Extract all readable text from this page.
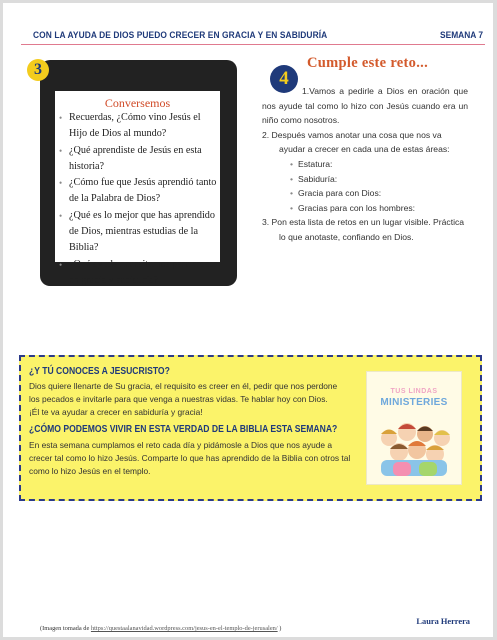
CON LA AYUDA DE DIOS PUEDO CRECER EN GRACIA Y EN SABIDURÍA	SEMANA 7
Conversemos
• Recuerdas, ¿Cómo vino Jesús el Hijo de Dios al mundo?
• ¿Qué aprendiste de Jesús en esta historia?
• ¿Cómo fue que Jesús aprendió tanto de la Palabra de Dios?
• ¿Qué es lo mejor que has aprendido de Dios, mientras estudias de la Biblia?
• ¿Qué ayuda necesitamos para crecer en gracia y sabiduría?
3	4
Cumple este reto...
1.Vamos a pedirle a Dios en oración que nos ayude tal como lo hizo con Jesús cuando era un niño como nosotros.
2. Después vamos anotar una cosa que nos va ayudar a crecer en cada una de estas áreas:
• Estatura:
• Sabiduría:
• Gracia para con Dios:
• Gracias para con los hombres:
3. Pon esta lista de retos en un lugar visible. Práctica lo que anotaste, confiando en Dios.
¿Y TÚ CONOCES A JESUCRISTO?
Dios quiere llenarte de Su gracia, el requisito es creer en él, pedir que nos perdone los pecados e invitarle para que venga a nuestras vidas. Te hablar hoy con Dios. ¡Él te va ayudar a crecer en sabiduría y gracia!
¿CÓMO PODEMOS VIVIR EN ESTA VERDAD DE LA BIBLIA ESTA SEMANA?
En esta semana cumplamos el reto cada día y pidámosle a Dios que nos ayude a crecer tal como lo hizo Jesús. Comparte lo que has aprendido de la Biblia con otros tal como lo hizo Jesús en el templo.
TUS LINDAS
MINISTERIES
Laura Herrera
(Imagen tomada de https://questaalanavidad.wordpress.com/jesus-en-el-templo-de-jerusalen/ )
